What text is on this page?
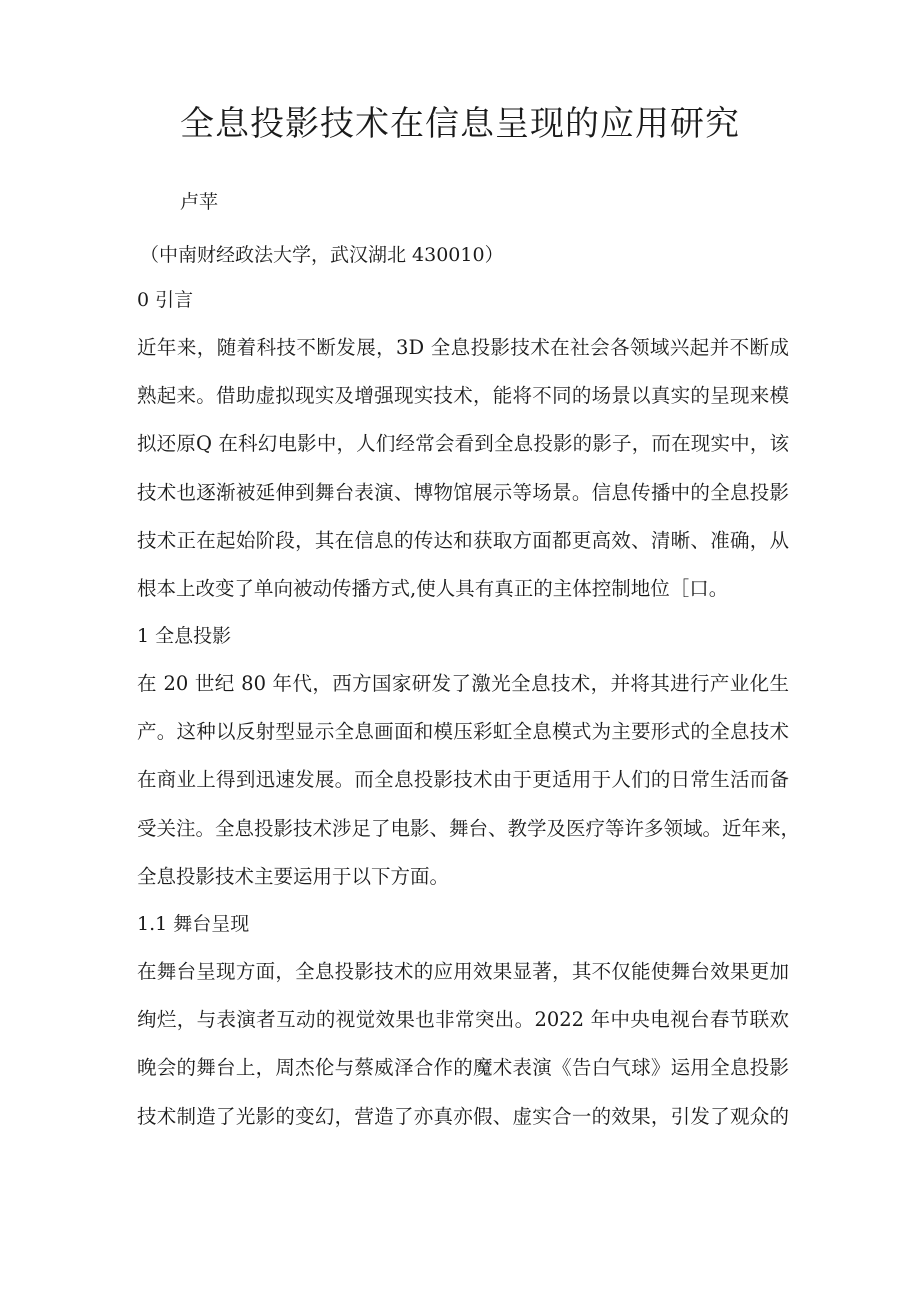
全息投影技术在信息呈现的应用研究
卢苹
（中南财经政法大学，武汉湖北 430010）
0 引言
近年来，随着科技不断发展，3D 全息投影技术在社会各领域兴起并不断成
熟起来。借助虚拟现实及增强现实技术，能将不同的场景以真实的呈现来模
拟还原Q 在科幻电影中，人们经常会看到全息投影的影子，而在现实中，该
技术也逐渐被延伸到舞台表演、博物馆展示等场景。信息传播中的全息投影
技术正在起始阶段，其在信息的传达和获取方面都更高效、清晰、准确，从
根本上改变了单向被动传播方式,使人具有真正的主体控制地位［口。
1 全息投影
在 20 世纪 80 年代，西方国家研发了激光全息技术，并将其进行产业化生
产。这种以反射型显示全息画面和模压彩虹全息模式为主要形式的全息技术
在商业上得到迅速发展。而全息投影技术由于更适用于人们的日常生活而备
受关注。全息投影技术涉足了电影、舞台、教学及医疗等许多领域。近年来，
全息投影技术主要运用于以下方面。
1.1 舞台呈现
在舞台呈现方面，全息投影技术的应用效果显著，其不仅能使舞台效果更加
绚烂，与表演者互动的视觉效果也非常突出。2022 年中央电视台春节联欢
晚会的舞台上，周杰伦与蔡威泽合作的魔术表演《告白气球》运用全息投影
技术制造了光影的变幻，营造了亦真亦假、虚实合一的效果，引发了观众的
